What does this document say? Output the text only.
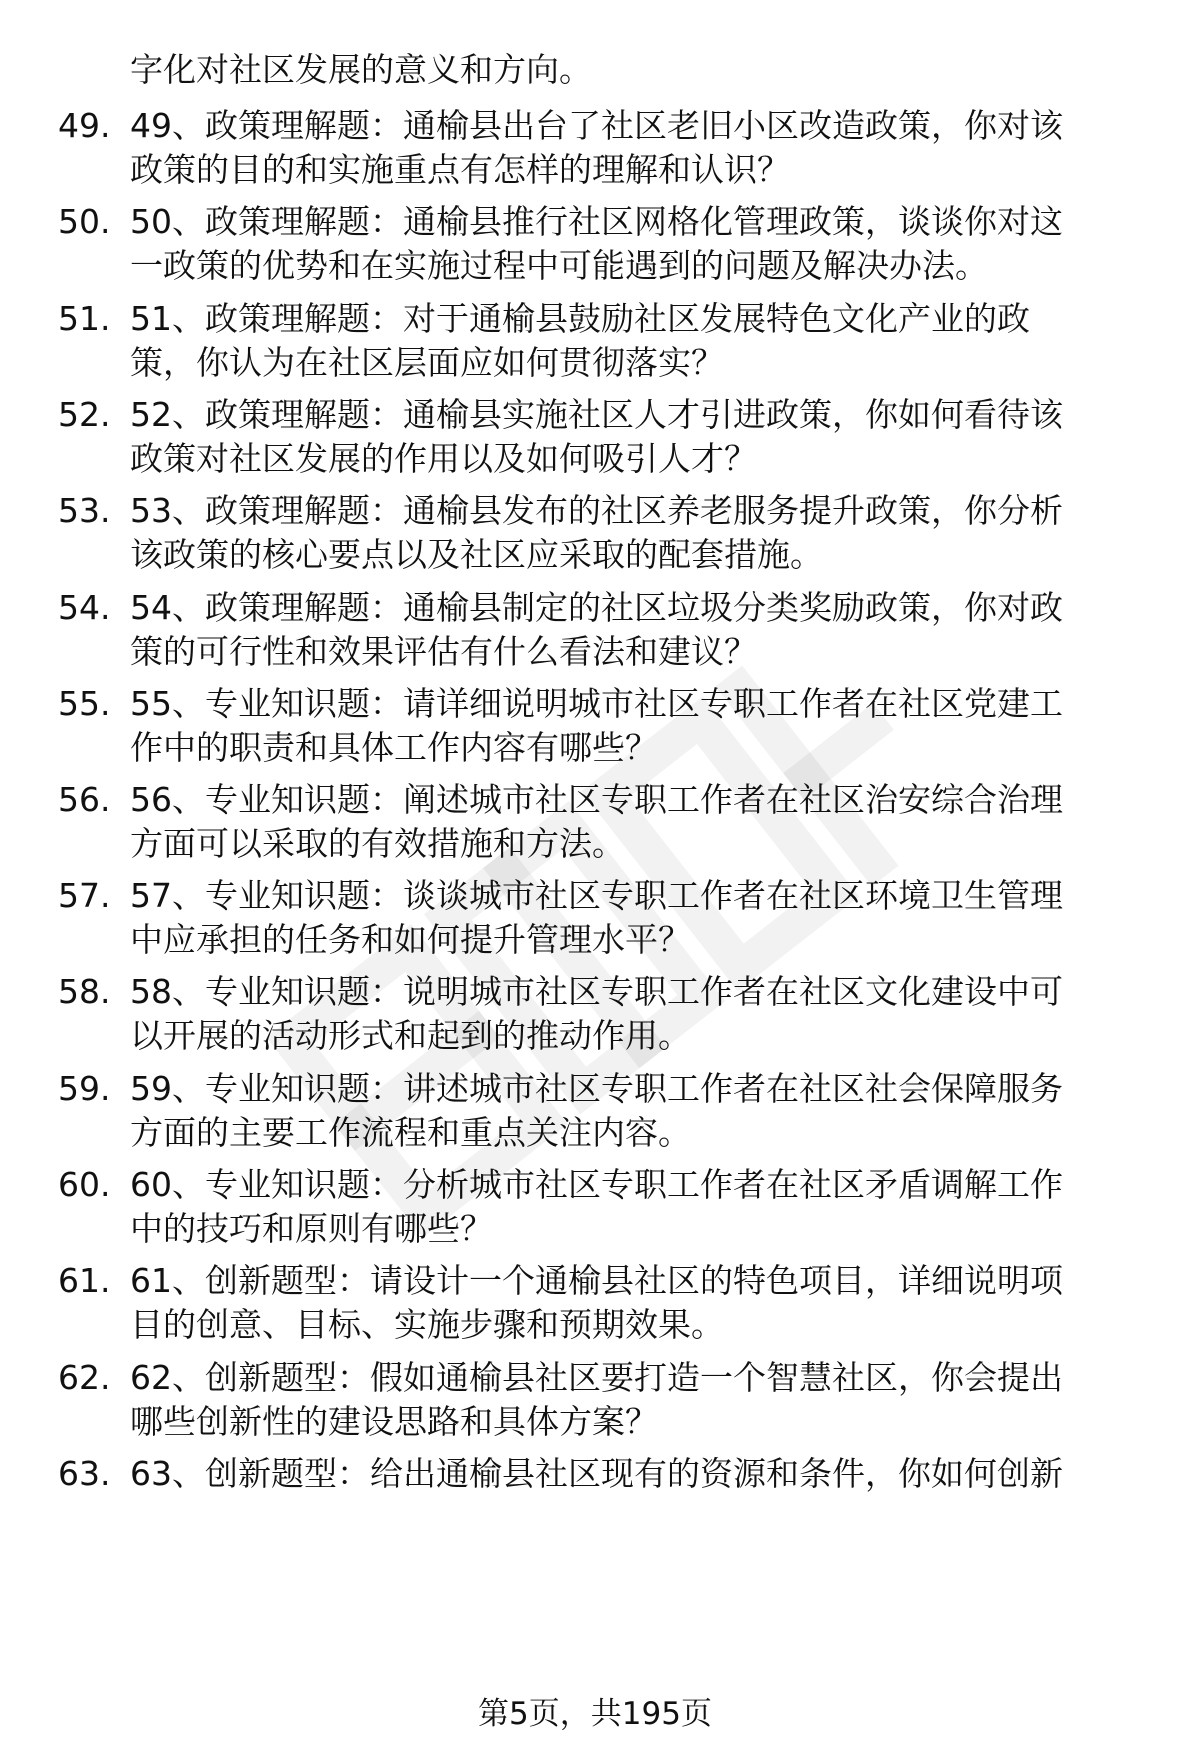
字化对社区发展的意义和方向。
49. 49、政策理解题：通榆县出台了社区老旧小区改造政策，你对该
政策的目的和实施重点有怎样的理解和认识？
50. 50、政策理解题：通榆县推行社区网格化管理政策，谈谈你对这
一政策的优势和在实施过程中可能遇到的问题及解决办法。
51. 51、政策理解题：对于通榆县鼓励社区发展特色文化产业的政
策，你认为在社区层面应如何贯彻落实？
52. 52、政策理解题：通榆县实施社区人才引进政策，你如何看待该
政策对社区发展的作用以及如何吸引人才？
53. 53、政策理解题：通榆县发布的社区养老服务提升政策，你分析
该政策的核心要点以及社区应采取的配套措施。
54. 54、政策理解题：通榆县制定的社区垃圾分类奖励政策，你对政
策的可行性和效果评估有什么看法和建议？
55. 55、专业知识题：请详细说明城市社区专职工作者在社区党建工
作中的职责和具体工作内容有哪些？
56. 56、专业知识题：阐述城市社区专职工作者在社区治安综合治理
方面可以采取的有效措施和方法。
57. 57、专业知识题：谈谈城市社区专职工作者在社区环境卫生管理
中应承担的任务和如何提升管理水平？
58. 58、专业知识题：说明城市社区专职工作者在社区文化建设中可
以开展的活动形式和起到的推动作用。
59. 59、专业知识题：讲述城市社区专职工作者在社区社会保障服务
方面的主要工作流程和重点关注内容。
60. 60、专业知识题：分析城市社区专职工作者在社区矛盾调解工作
中的技巧和原则有哪些？
61. 61、创新题型：请设计一个通榆县社区的特色项目，详细说明项
目的创意、目标、实施步骤和预期效果。
62. 62、创新题型：假如通榆县社区要打造一个智慧社区，你会提出
哪些创新性的建设思路和具体方案？
63. 63、创新题型：给出通榆县社区现有的资源和条件，你如何创新
第5页，共195页
